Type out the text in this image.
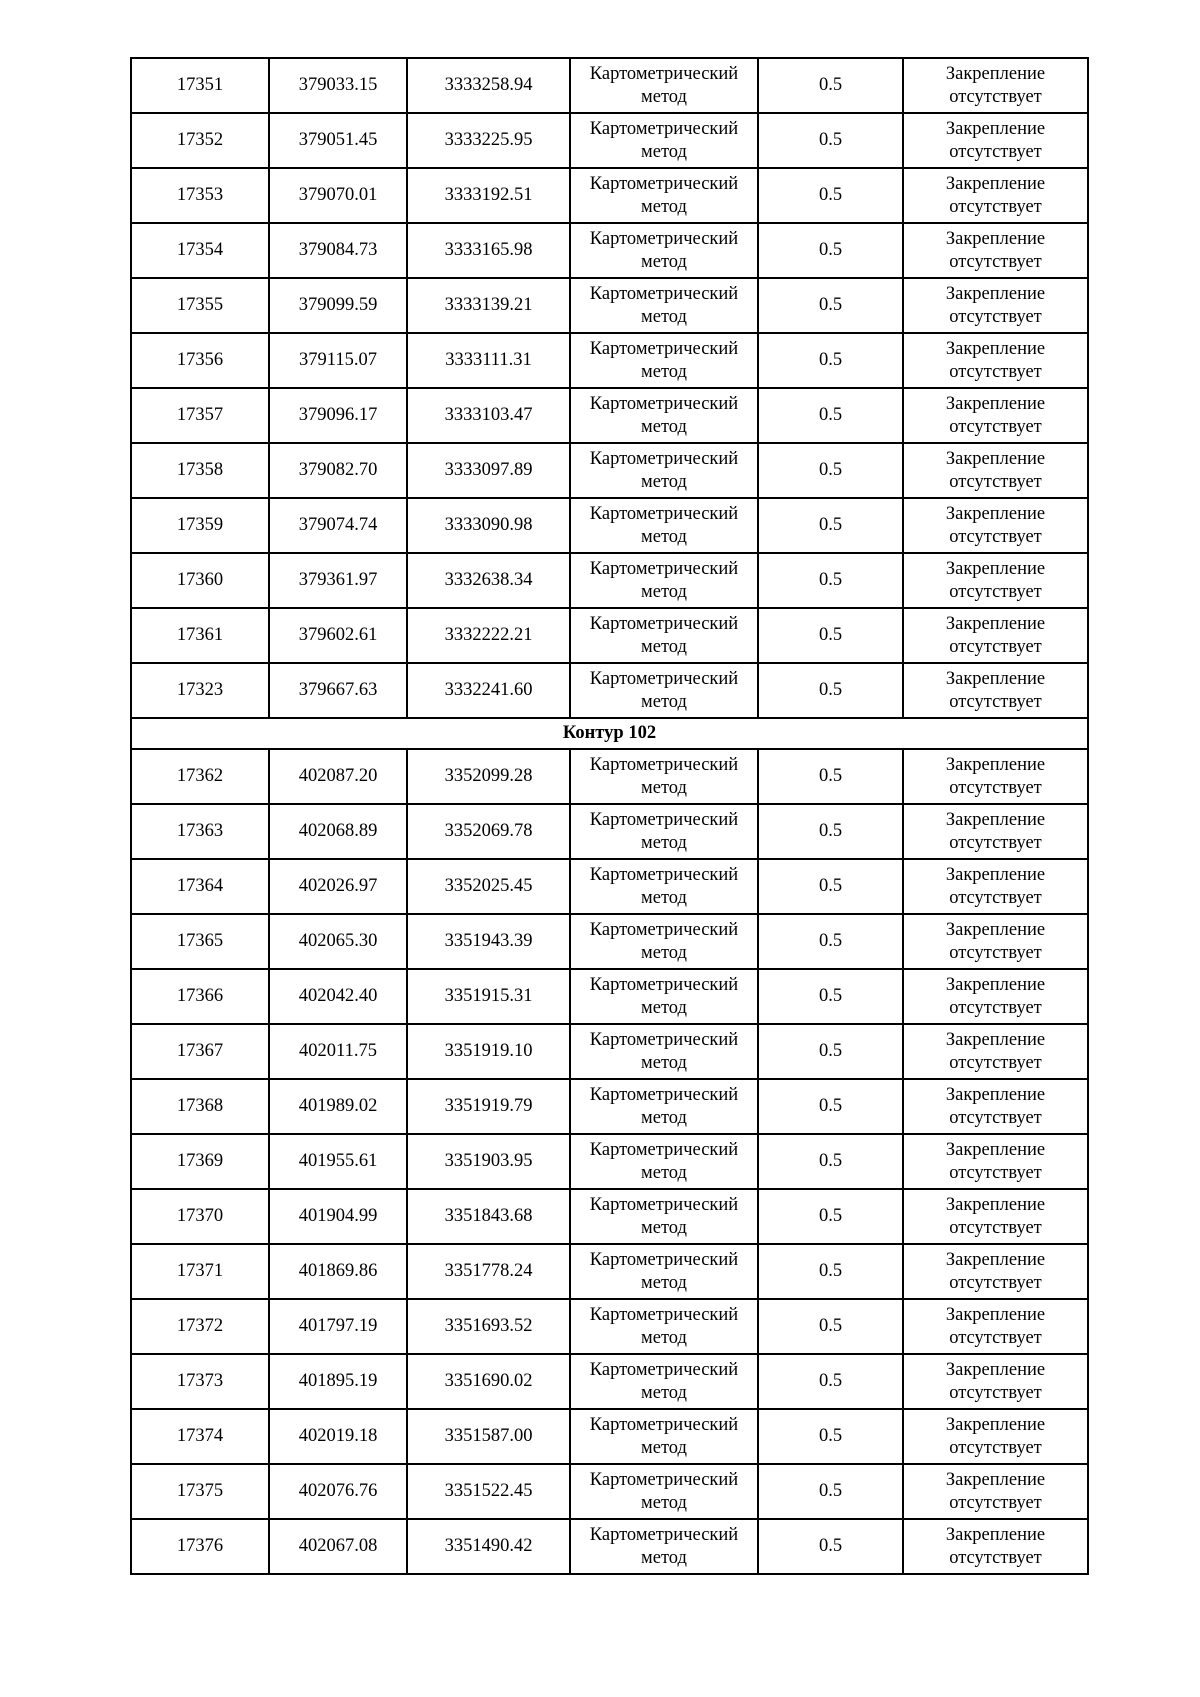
17351	379033.15	3333258.94	Картометрический метод	0.5	Закрепление отсутствует
17352	379051.45	3333225.95	Картометрический метод	0.5	Закрепление отсутствует
17353	379070.01	3333192.51	Картометрический метод	0.5	Закрепление отсутствует
17354	379084.73	3333165.98	Картометрический метод	0.5	Закрепление отсутствует
17355	379099.59	3333139.21	Картометрический метод	0.5	Закрепление отсутствует
17356	379115.07	3333111.31	Картометрический метод	0.5	Закрепление отсутствует
17357	379096.17	3333103.47	Картометрический метод	0.5	Закрепление отсутствует
17358	379082.70	3333097.89	Картометрический метод	0.5	Закрепление отсутствует
17359	379074.74	3333090.98	Картометрический метод	0.5	Закрепление отсутствует
17360	379361.97	3332638.34	Картометрический метод	0.5	Закрепление отсутствует
17361	379602.61	3332222.21	Картометрический метод	0.5	Закрепление отсутствует
17323	379667.63	3332241.60	Картометрический метод	0.5	Закрепление отсутствует
Контур 102					
17362	402087.20	3352099.28	Картометрический метод	0.5	Закрепление отсутствует
17363	402068.89	3352069.78	Картометрический метод	0.5	Закрепление отсутствует
17364	402026.97	3352025.45	Картометрический метод	0.5	Закрепление отсутствует
17365	402065.30	3351943.39	Картометрический метод	0.5	Закрепление отсутствует
17366	402042.40	3351915.31	Картометрический метод	0.5	Закрепление отсутствует
17367	402011.75	3351919.10	Картометрический метод	0.5	Закрепление отсутствует
17368	401989.02	3351919.79	Картометрический метод	0.5	Закрепление отсутствует
17369	401955.61	3351903.95	Картометрический метод	0.5	Закрепление отсутствует
17370	401904.99	3351843.68	Картометрический метод	0.5	Закрепление отсутствует
17371	401869.86	3351778.24	Картометрический метод	0.5	Закрепление отсутствует
17372	401797.19	3351693.52	Картометрический метод	0.5	Закрепление отсутствует
17373	401895.19	3351690.02	Картометрический метод	0.5	Закрепление отсутствует
17374	402019.18	3351587.00	Картометрический метод	0.5	Закрепление отсутствует
17375	402076.76	3351522.45	Картометрический метод	0.5	Закрепление отсутствует
17376	402067.08	3351490.42	Картометрический метод	0.5	Закрепление отсутствует
